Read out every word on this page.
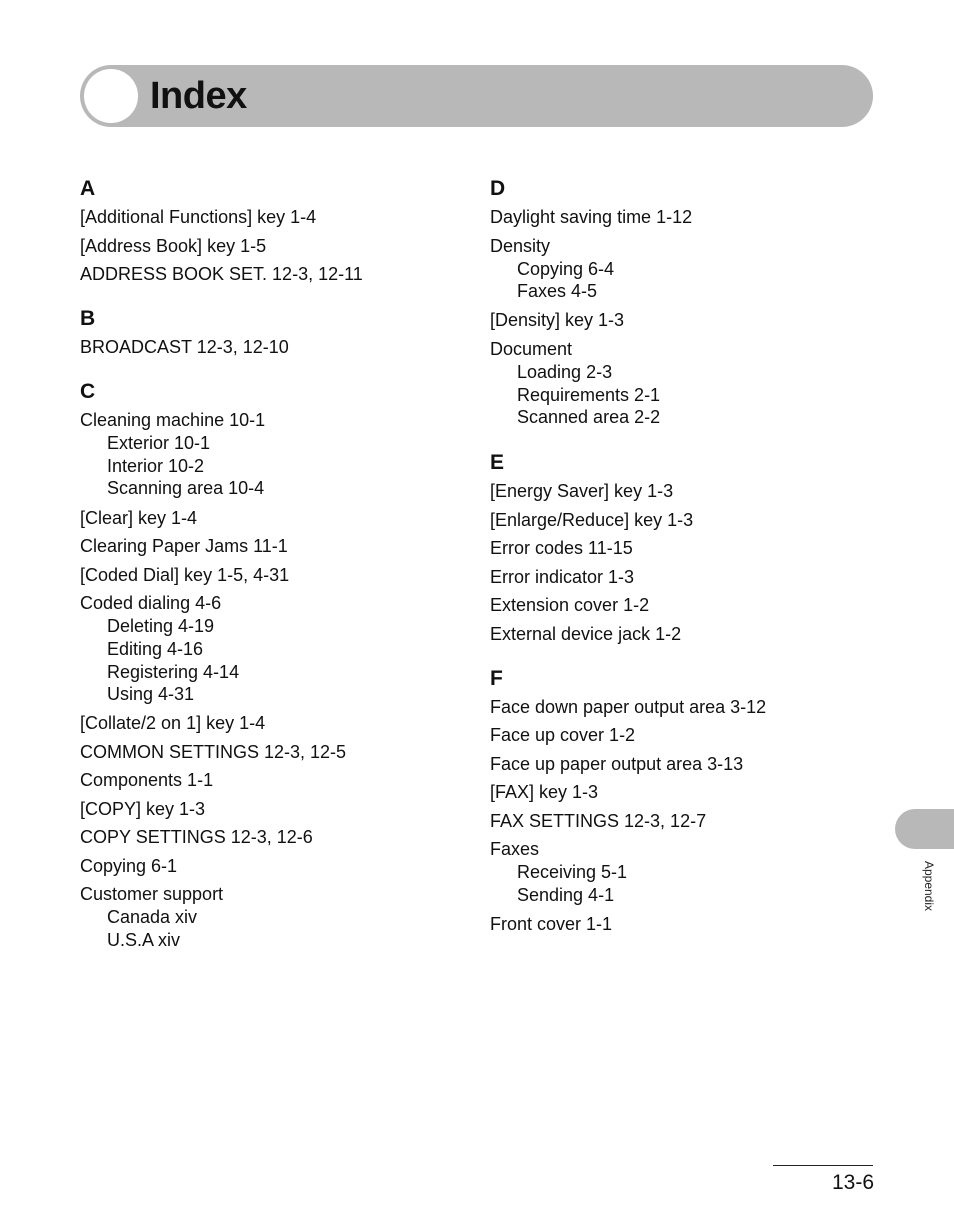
Index
A
[Additional Functions] key 1-4
[Address Book] key 1-5
ADDRESS BOOK SET. 12-3, 12-11
B
BROADCAST 12-3, 12-10
C
Cleaning machine 10-1
Exterior 10-1
Interior 10-2
Scanning area 10-4
[Clear] key 1-4
Clearing Paper Jams 11-1
[Coded Dial] key 1-5, 4-31
Coded dialing 4-6
Deleting 4-19
Editing 4-16
Registering 4-14
Using 4-31
[Collate/2 on 1] key 1-4
COMMON SETTINGS 12-3, 12-5
Components 1-1
[COPY] key 1-3
COPY SETTINGS 12-3, 12-6
Copying 6-1
Customer support
Canada xiv
U.S.A xiv
D
Daylight saving time 1-12
Density
Copying 6-4
Faxes 4-5
[Density] key 1-3
Document
Loading 2-3
Requirements 2-1
Scanned area 2-2
E
[Energy Saver] key 1-3
[Enlarge/Reduce] key 1-3
Error codes 11-15
Error indicator 1-3
Extension cover 1-2
External device jack 1-2
F
Face down paper output area 3-12
Face up cover 1-2
Face up paper output area 3-13
[FAX] key 1-3
FAX SETTINGS 12-3, 12-7
Faxes
Receiving 5-1
Sending 4-1
Front cover 1-1
Appendix
13-6
